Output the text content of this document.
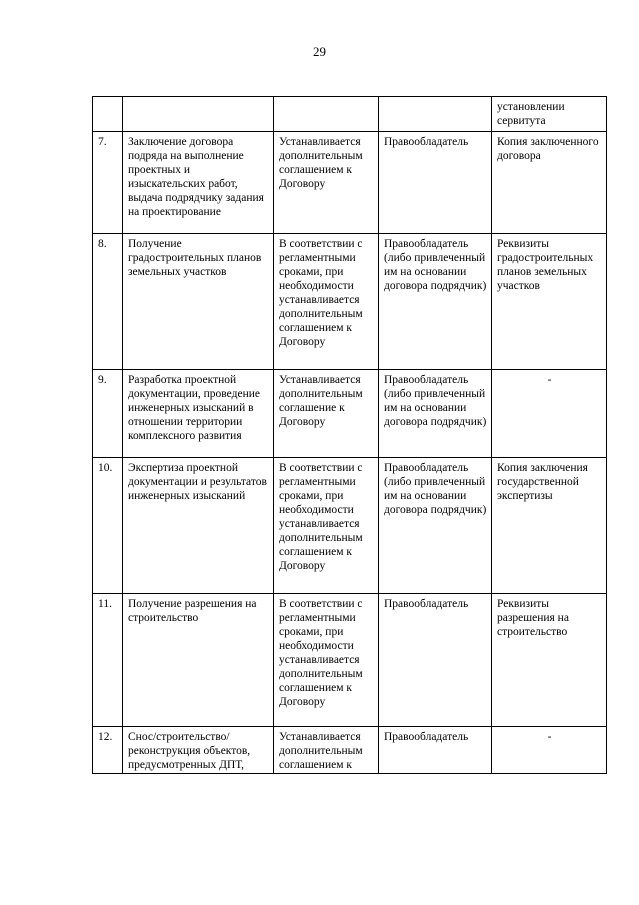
29
				установлении сервитута
7.	Заключение договора подряда на выполнение проектных и изыскательских работ, выдача подрядчику задания на проектирование	Устанавливается дополнительным соглашением к Договору	Правообладатель	Копия заключенного договора
8.	Получение градостроительных планов земельных участков	В соответствии с регламентными сроками, при необходимости устанавливается дополнительным соглашением к Договору	Правообладатель (либо привлеченный им на основании договора подрядчик)	Реквизиты градостроительных планов земельных участков
9.	Разработка проектной документации, проведение инженерных изысканий в отношении территории комплексного развития	Устанавливается дополнительным соглашение к Договору	Правообладатель (либо привлеченный им на основании договора подрядчик)	-
10.	Экспертиза проектной документации и результатов инженерных изысканий	В соответствии с регламентными сроками, при необходимости устанавливается дополнительным соглашением к Договору	Правообладатель (либо привлеченный им на основании договора подрядчик)	Копия заключения государственной экспертизы
11.	Получение разрешения на строительство	В соответствии с регламентными сроками, при необходимости устанавливается дополнительным соглашением к Договору	Правообладатель	Реквизиты разрешения на строительство
12.	Снос/строительство/ реконструкция объектов, предусмотренных ДПТ,	Устанавливается дополнительным соглашением к	Правообладатель	-
